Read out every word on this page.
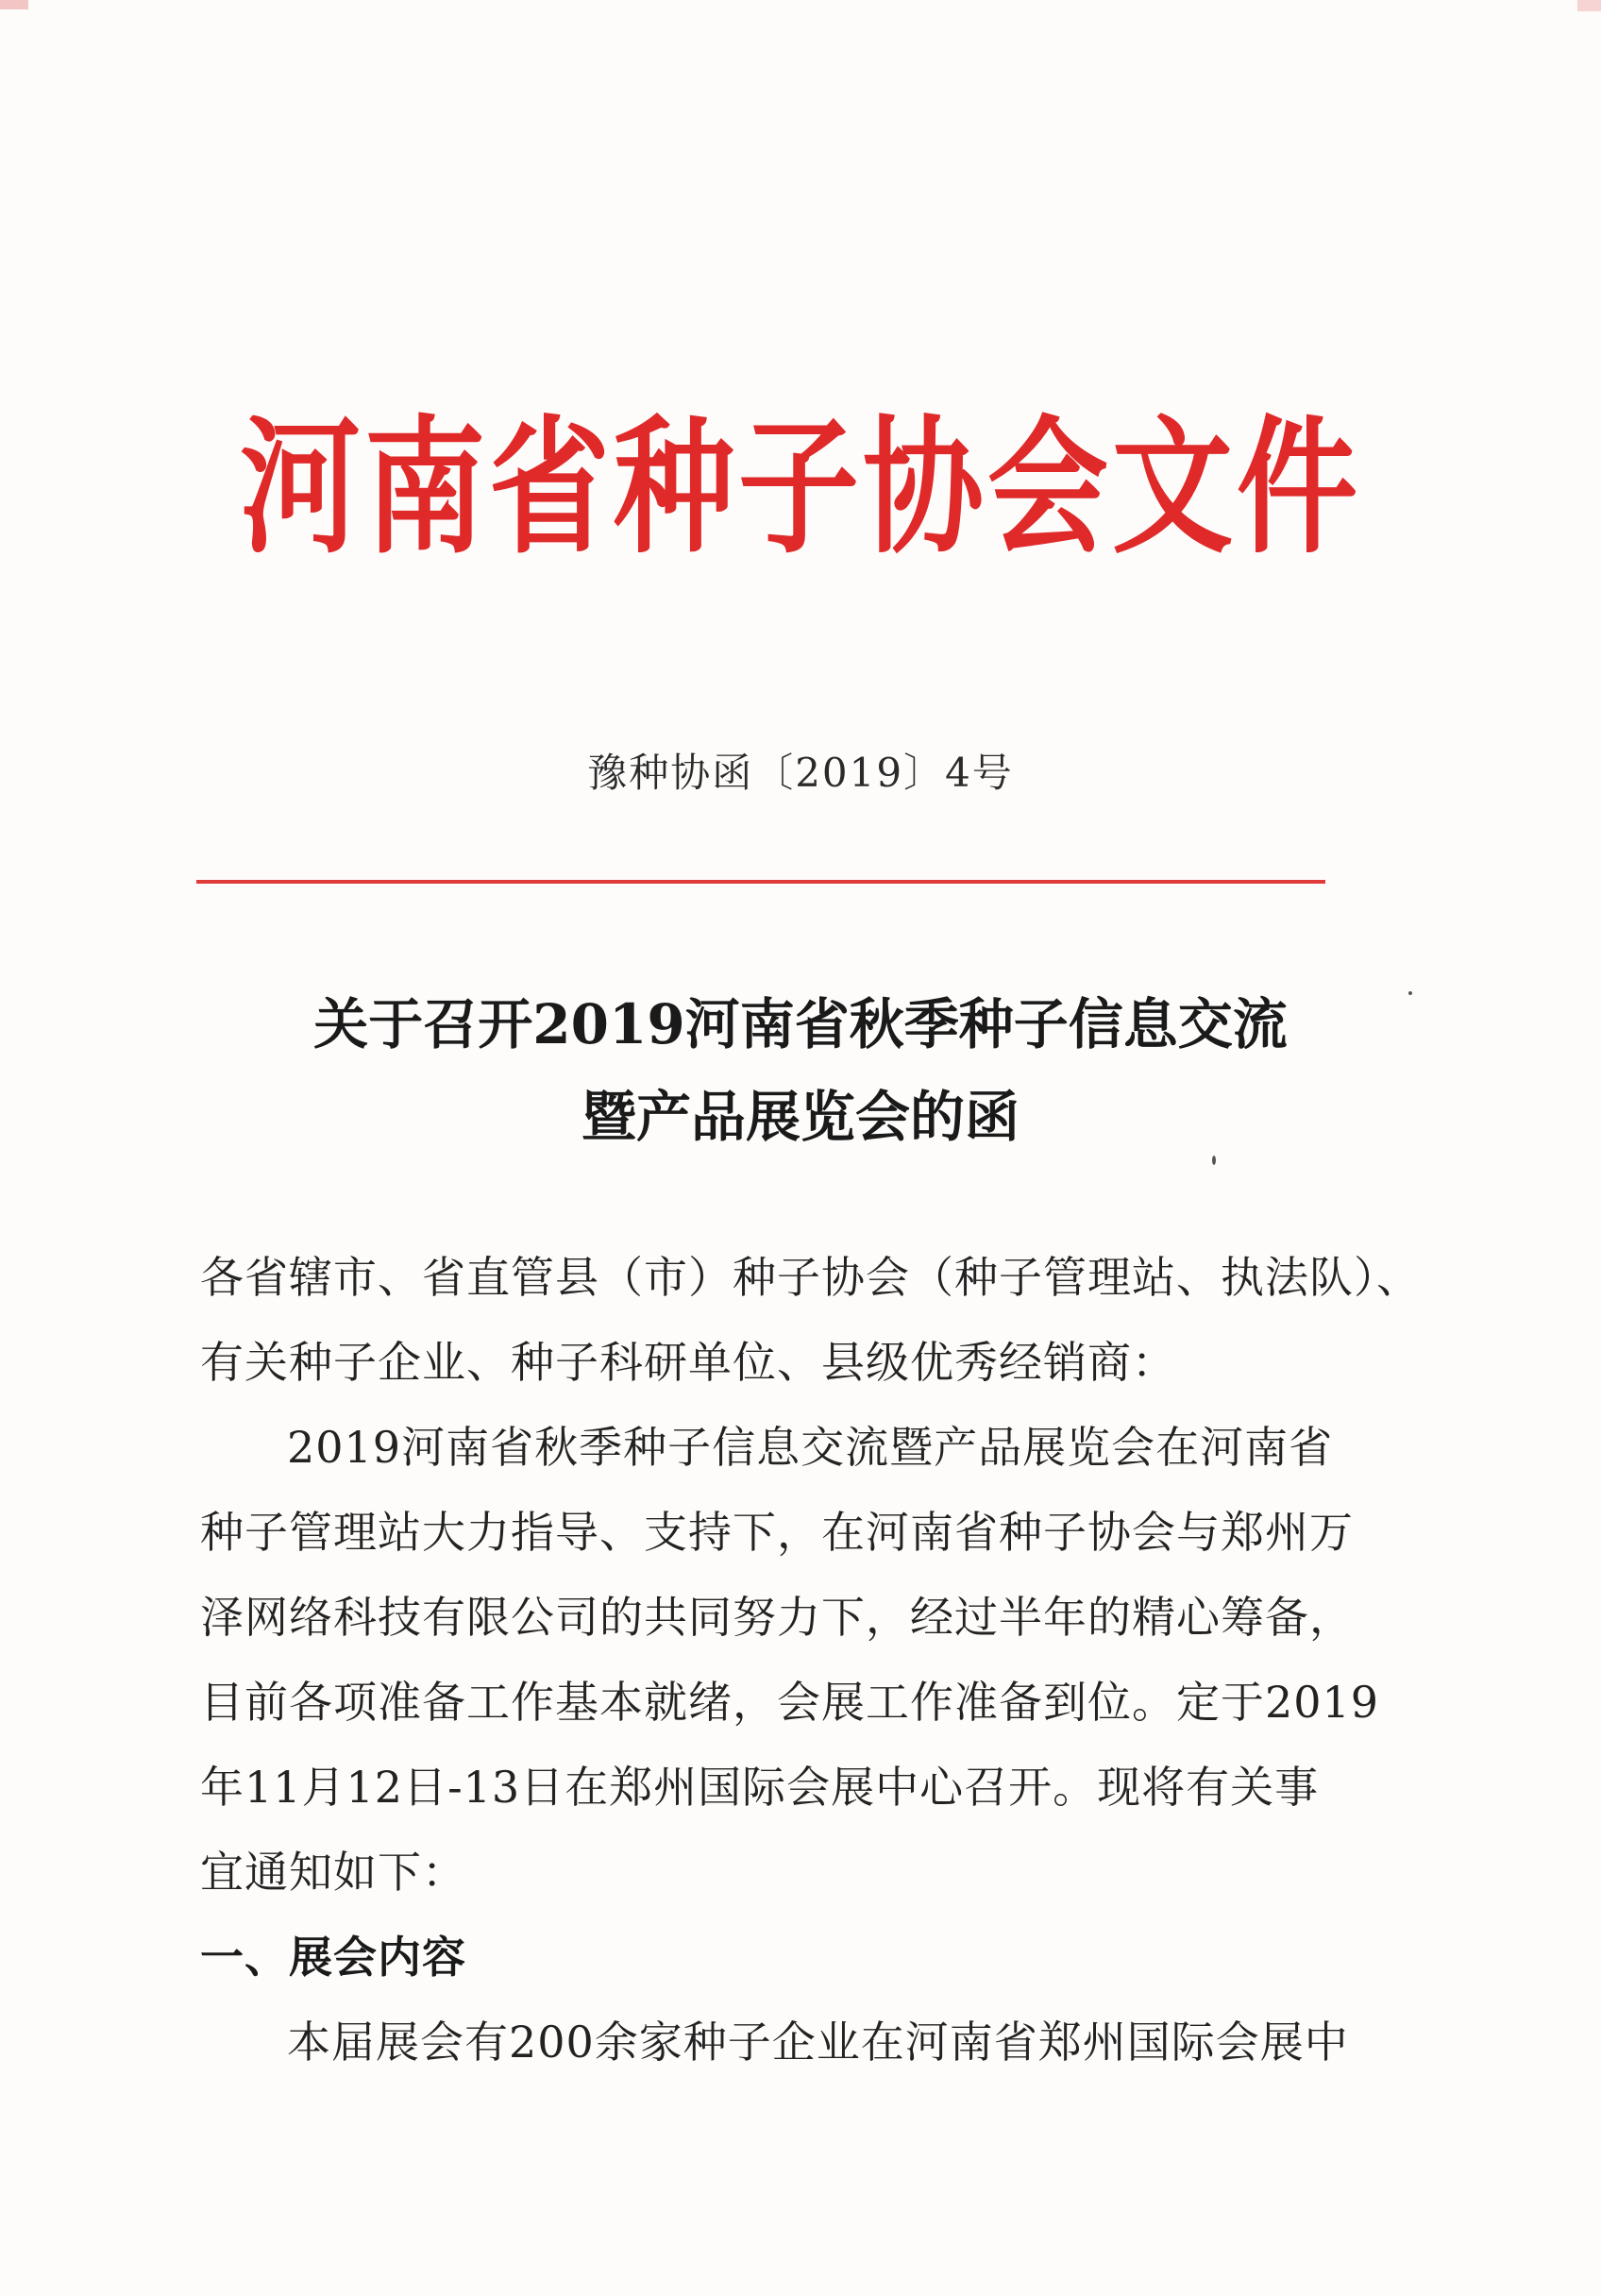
河南省种子协会文件
豫种协函〔2019〕4号
关于召开2019河南省秋季种子信息交流
暨产品展览会的函
各省辖市、省直管县（市）种子协会（种子管理站、执法队）、
有关种子企业、种子科研单位、县级优秀经销商：
2019河南省秋季种子信息交流暨产品展览会在河南省
种子管理站大力指导、支持下，在河南省种子协会与郑州万
泽网络科技有限公司的共同努力下，经过半年的精心筹备，
目前各项准备工作基本就绪，会展工作准备到位。定于2019
年11月12日-13日在郑州国际会展中心召开。现将有关事
宜通知如下：
一、展会内容
本届展会有200余家种子企业在河南省郑州国际会展中
